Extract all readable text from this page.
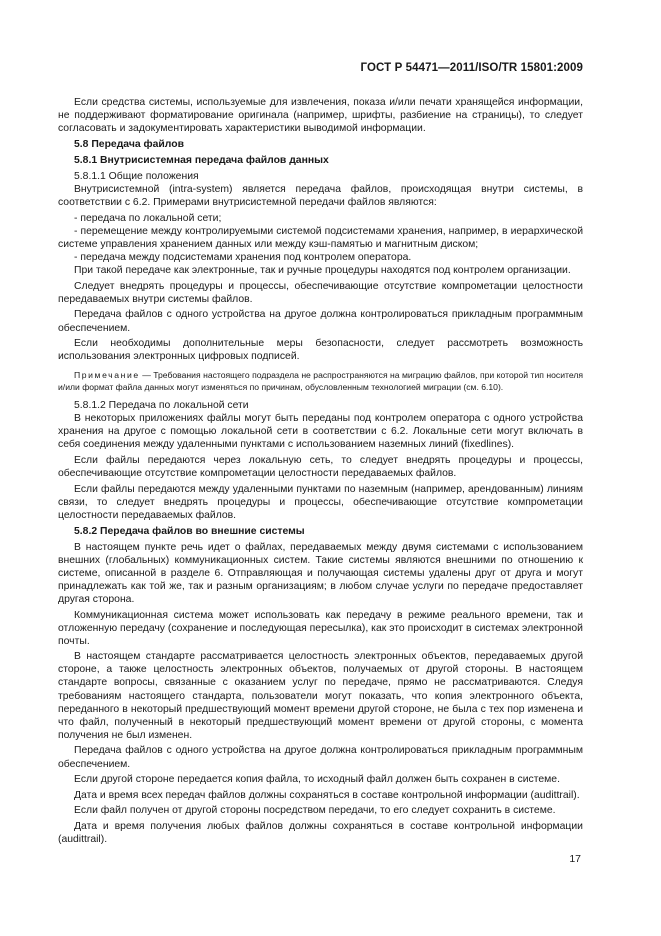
ГОСТ Р 54471—2011/ISO/TR 15801:2009
Если средства системы, используемые для извлечения, показа и/или печати хранящейся информации, не поддерживают форматирование оригинала (например, шрифты, разбиение на страницы), то следует согласовать и задокументировать характеристики выводимой информации.
5.8 Передача файлов
5.8.1 Внутрисистемная передача файлов данных
5.8.1.1 Общие положения
Внутрисистемной (intra-system) является передача файлов, происходящая внутри системы, в соответствии с 6.2. Примерами внутрисистемной передачи файлов являются:
- передача по локальной сети;
- перемещение между контролируемыми системой подсистемами хранения, например, в иерархической системе управления хранением данных или между кэш-памятью и магнитным диском;
- передача между подсистемами хранения под контролем оператора.
При такой передаче как электронные, так и ручные процедуры находятся под контролем организации.
Следует внедрять процедуры и процессы, обеспечивающие отсутствие компрометации целостности передаваемых внутри системы файлов.
Передача файлов с одного устройства на другое должна контролироваться прикладным программным обеспечением.
Если необходимы дополнительные меры безопасности, следует рассмотреть возможность использования электронных цифровых подписей.
Примечание — Требования настоящего подраздела не распространяются на миграцию файлов, при которой тип носителя и/или формат файла данных могут изменяться по причинам, обусловленным технологией миграции (см. 6.10).
5.8.1.2 Передача по локальной сети
В некоторых приложениях файлы могут быть переданы под контролем оператора с одного устройства хранения на другое с помощью локальной сети в соответствии с 6.2. Локальные сети могут включать в себя соединения между удаленными пунктами с использованием наземных линий (fixedlines).
Если файлы передаются через локальную сеть, то следует внедрять процедуры и процессы, обеспечивающие отсутствие компрометации целостности передаваемых файлов.
Если файлы передаются между удаленными пунктами по наземным (например, арендованным) линиям связи, то следует внедрять процедуры и процессы, обеспечивающие отсутствие компрометации целостности передаваемых файлов.
5.8.2 Передача файлов во внешние системы
В настоящем пункте речь идет о файлах, передаваемых между двумя системами с использованием внешних (глобальных) коммуникационных систем. Такие системы являются внешними по отношению к системе, описанной в разделе 6. Отправляющая и получающая системы удалены друг от друга и могут принадлежать как той же, так и разным организациям; в любом случае услуги по передаче предоставляет другая сторона.
Коммуникационная система может использовать как передачу в режиме реального времени, так и отложенную передачу (сохранение и последующая пересылка), как это происходит в системах электронной почты.
В настоящем стандарте рассматривается целостность электронных объектов, передаваемых другой стороне, а также целостность электронных объектов, получаемых от другой стороны. В настоящем стандарте вопросы, связанные с оказанием услуг по передаче, прямо не рассматриваются. Следуя требованиям настоящего стандарта, пользователи могут показать, что копия электронного объекта, переданного в некоторый предшествующий момент времени другой стороне, не была с тех пор изменена и что файл, полученный в некоторый предшествующий момент времени от другой стороны, с момента получения не был изменен.
Передача файлов с одного устройства на другое должна контролироваться прикладным программным обеспечением.
Если другой стороне передается копия файла, то исходный файл должен быть сохранен в системе.
Дата и время всех передач файлов должны сохраняться в составе контрольной информации (audittrail).
Если файл получен от другой стороны посредством передачи, то его следует сохранить в системе.
Дата и время получения любых файлов должны сохраняться в составе контрольной информации (audittrail).
17
